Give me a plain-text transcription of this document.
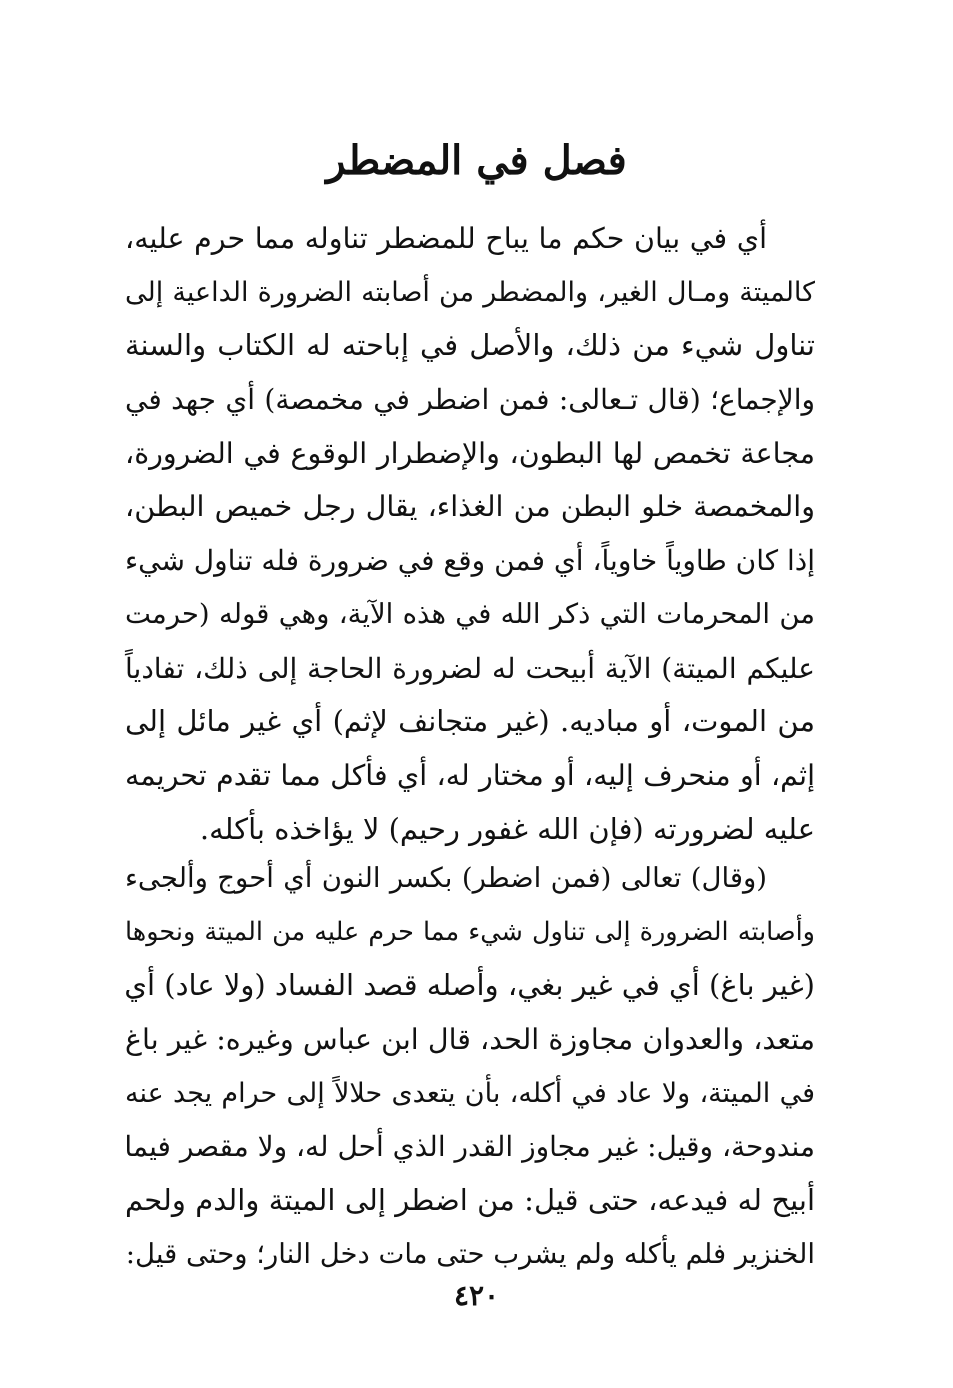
فصل في المضطر
أي في بيان حكم ما يباح للمضطر تناوله مما حرم عليه،
كالميتة ومـال الغير، والمضطر من أصابته الضرورة الداعية إلى
تناول شيء من ذلك، والأصل في إباحته له الكتاب والسنة
والإجماع؛ (قال تـعالى: فمن اضطر في مخمصة) أي جهد في
مجاعة تخمص لها البطون، والإضطرار الوقوع في الضرورة،
والمخمصة خلو البطن من الغذاء، يقال رجل خميص البطن،
إذا كان طاوياً خاوياً، أي فمن وقع في ضرورة فله تناول شيء
من المحرمات التي ذكر الله في هذه الآية، وهي قوله (حرمت
عليكم الميتة) الآية أبيحت له لضرورة الحاجة إلى ذلك، تفادياً
من الموت، أو مباديه. (غير متجانف لإثم) أي غير مائل إلى
إثم، أو منحرف إليه، أو مختار له، أي فأكل مما تقدم تحريمه
عليه لضرورته (فإن الله غفور رحيم) لا يؤاخذه بأكله.
(وقال) تعالى (فمن اضطر) بكسر النون أي أحوج وألجىء
وأصابته الضرورة إلى تناول شيء مما حرم عليه من الميتة ونحوها
(غير باغ) أي في غير بغي، وأصله قصد الفساد (ولا عاد) أي
متعد، والعدوان مجاوزة الحد، قال ابن عباس وغيره: غير باغ
في الميتة، ولا عاد في أكله، بأن يتعدى حلالاً إلى حرام يجد عنه
مندوحة، وقيل: غير مجاوز القدر الذي أحل له، ولا مقصر فيما
أبيح له فيدعه، حتى قيل: من اضطر إلى الميتة والدم ولحم
الخنزير فلم يأكله ولم يشرب حتى مات دخل النار؛ وحتى قيل:
٤٢٠
